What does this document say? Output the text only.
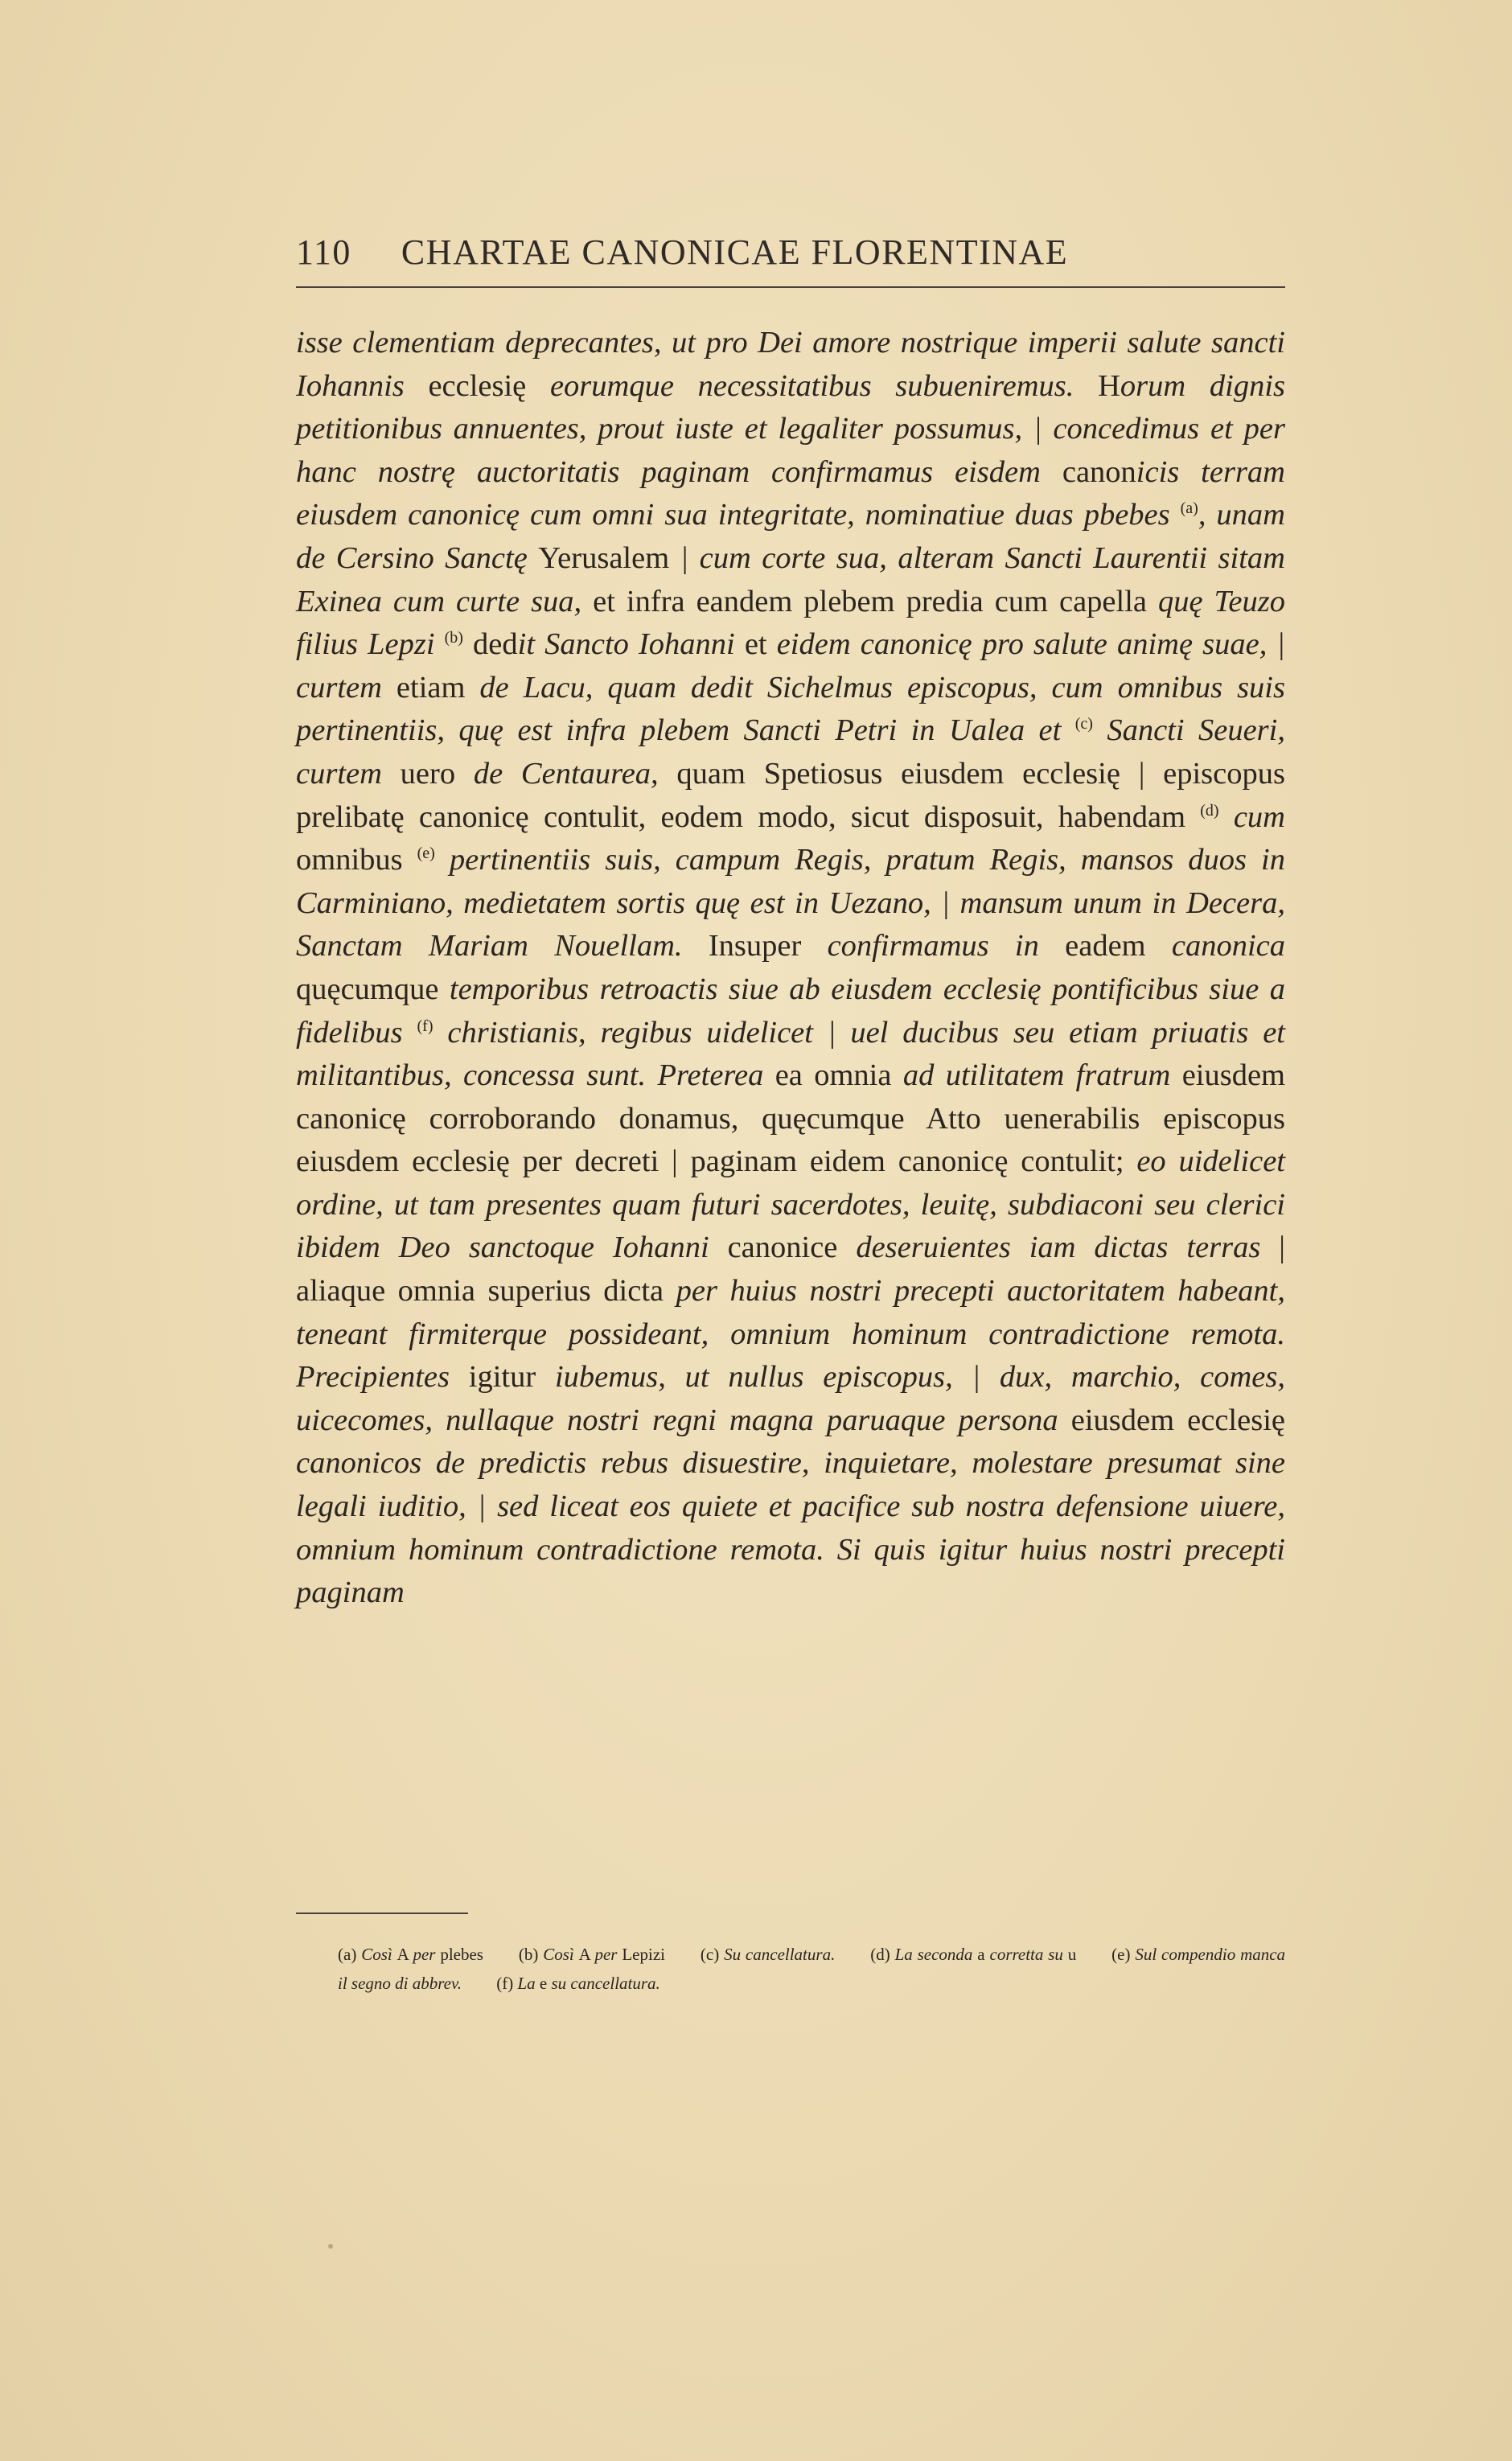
110 CHARTAE CANONICAE FLORENTINAE

isse clementiam deprecantes, ut pro Dei amore nostrique imperii salute sancti Iohannis ecclesię eorumque necessitatibus subueniremus. Horum dignis petitionibus annuentes, prout iuste et legaliter possumus, | concedimus et per hanc nostrę auctoritatis paginam confirmamus eisdem canonicis terram eiusdem canonicę cum omni sua integritate, nominatiue duas pbebes $^{(a)}$, unam de Cersino Sanctę Yerusalem | cum corte sua, alteram Sancti Laurentii sitam Exinea cum curte sua, et infra eandem plebem predia cum capella quę Teuzo filius Lepzi $^{(b)}$ dedit Sancto Iohanni et eidem canonicę pro salute animę suae, | curtem etiam de Lacu, quam dedit Sichelmus episcopus, cum omnibus suis pertinentiis, quę est infra plebem Sancti Petri in Ualea et $^{(c)}$ Sancti Seueri, curtem uero de Centaurea, quam Spetiosus eiusdem ecclesię | episcopus prelibatę canonicę contulit, eodem modo, sicut disposuit, habendam $^{(d)}$ cum omnibus $^{(e)}$ pertinentiis suis, campum Regis, pratum Regis, mansos duos in Carminiano, medietatem sortis quę est in Uezano, | mansum unum in Decera, Sanctam Mariam Nouellam. Insuper confirmamus in eadem canonica quęcumque temporibus retroactis siue ab eiusdem ecclesię pontificibus siue a fidelibus $^{(f)}$ christianis, regibus uidelicet | uel ducibus seu etiam priuatis et militantibus, concessa sunt. Preterea ea omnia ad utilitatem fratrum eiusdem canonicę corroborando donamus, quęcumque Atto uenerabilis episcopus eiusdem ecclesię per decreti | paginam eidem canonicę contulit; eo uidelicet ordine, ut tam presentes quam futuri sacerdotes, leuitę, subdiaconi seu clerici ibidem Deo sanctoque Iohanni canonice deseruientes iam dictas terras | aliaque omnia superius dicta per huius nostri precepti auctoritatem habeant, teneant firmiterque possideant, omnium hominum contradictione remota. Precipientes igitur iubemus, ut nullus episcopus, | dux, marchio, comes, uicecomes, nullaque nostri regni magna paruaque persona eiusdem ecclesię canonicos de predictis rebus disuestire, inquietare, molestare presumat sine legali iuditio, | sed liceat eos quiete et pacifice sub nostra defensione uiuere, omnium hominum contradictione remota. Si quis igitur huius nostri precepti paginam

(a) Così A per plebes (b) Così A per Lepizi (c) Su cancellatura. (d) La seconda a corretta su u (e) Sul compendio manca il segno di abbrev. (f) La e su cancellatura.
